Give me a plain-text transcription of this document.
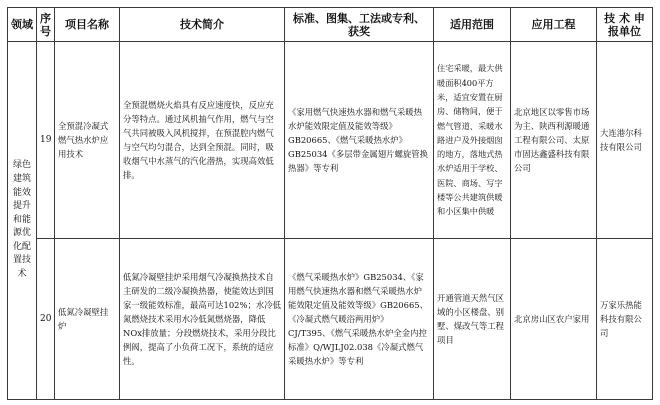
领域	序号	项目名称	技术简介	标准、图集、工法或专利、获奖	适用范围	应用工程	技 术 申报单位
绿色建筑能效提升和能源优化配置技术	19	全预混冷凝式燃气热水炉应用技术	全预混燃烧火焰具有反应速度快，反应充分等特点。通过风机抽气作用，燃气与空气共同被吸入风机搅拌，在预混腔内燃气与空气均匀混合，达到全预混。同时，吸收烟气中水蒸气的汽化潜热，实现高效低排。	《家用燃气快速热水器和燃气采暖热水炉能效限定值及能效等级》GB20665、《燃气采暖热水炉》GB25034《多层带金属翅片螺旋管换热器》等专利	住宅采暖，最大供暖面积400平方米，适宜安置在厨房、储物间，便于燃气管道、采暖水路进户及外接烟囱的地方，落地式热水炉适用于学校、医院、商场、写字楼等公共建筑供暖和小区集中供暖	北京地区以零售市场为主、陕西利源暖通工程有限公司、太原市固达鑫盛科技有限公司	大连港尔科技有限公司
	20	低氮冷凝壁挂炉	低氮冷凝壁挂炉采用烟气冷凝换热技术自主研发的二级冷凝换热器，使能效达到国家一级能效标准，最高可达102%；水冷低氮燃烧技术采用水冷低氮燃烧器，降低NOx排放量；分段燃烧技术，采用分段比例阀，提高了小负荷工况下，系统的适应性。	《燃气采暖热水炉》GB25034、《家用燃气快速热水器和燃气采暖热水炉能效限定值及能效等级》GB20665、《冷凝式燃气暖浴两用炉》CJ/T395、《燃气采暖热水炉全金内控标准》Q/WJLJ02.038《冷凝式燃气采暖热水炉》等专利	开通管道天然气区域的小区楼盘、别墅、煤改气等工程项目	北京房山区农户家用	万家乐热能科技有限公司
